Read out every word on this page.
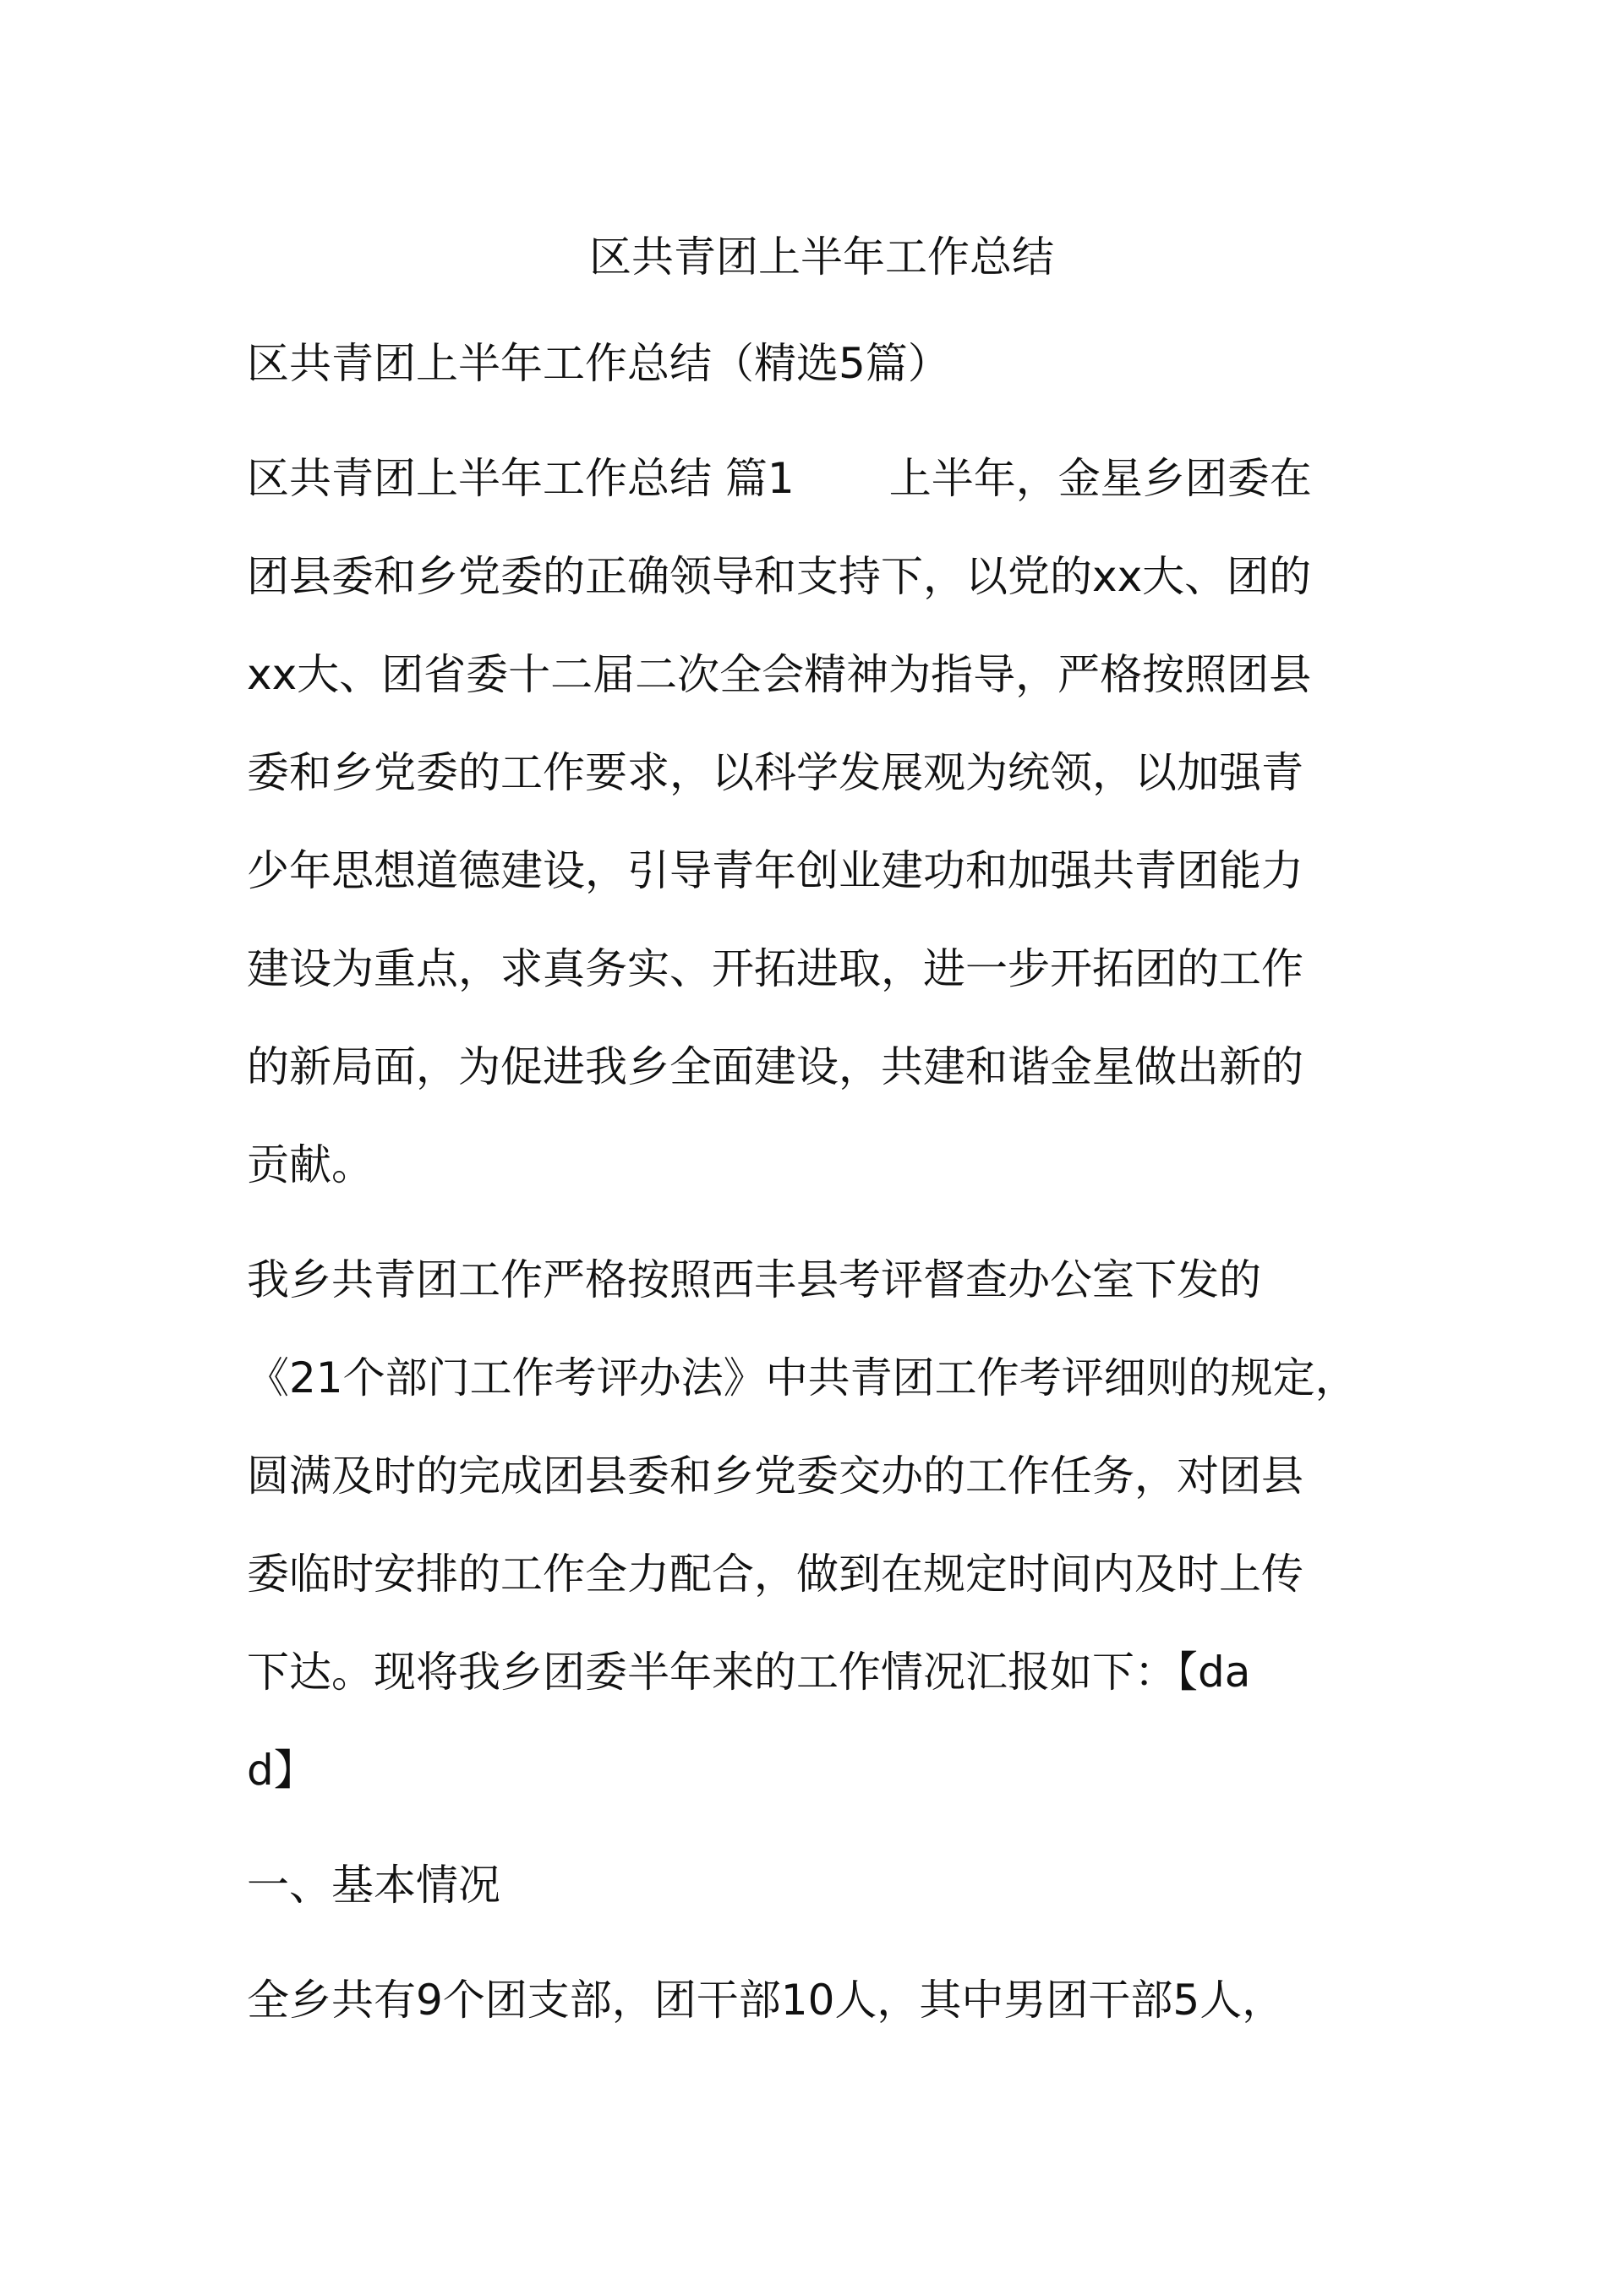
区共青团上半年工作总结

区共青团上半年工作总结（精选5篇）

区共青团上半年工作总结 篇1 上半年，金星乡团委在
团县委和乡党委的正确领导和支持下，以党的xx大、团的
xx大、团省委十二届二次全会精神为指导，严格按照团县
委和乡党委的工作要求，以科学发展观为统领，以加强青
少年思想道德建设，引导青年创业建功和加强共青团能力
建设为重点，求真务实、开拓进取，进一步开拓团的工作
的新局面，为促进我乡全面建设，共建和谐金星做出新的
贡献。
我乡共青团工作严格按照西丰县考评督查办公室下发的
《21个部门工作考评办法》中共青团工作考评细则的规定，
圆满及时的完成团县委和乡党委交办的工作任务，对团县
委临时安排的工作全力配合，做到在规定时间内及时上传
下达。现将我乡团委半年来的工作情况汇报如下：【da
d】

一、基本情况

全乡共有9个团支部，团干部10人，其中男团干部5人，
